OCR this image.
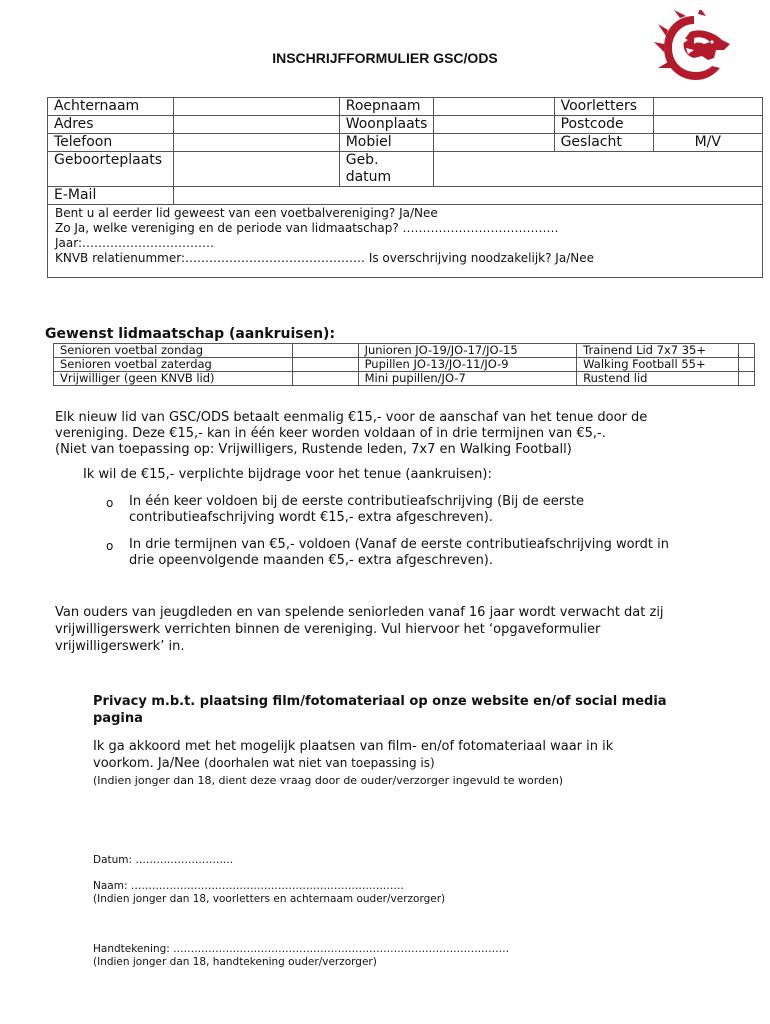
INSCHRIJFFORMULIER GSC/ODS
Achternaam		Roepnaam		Voorletters	
Adres		Woonplaats		Postcode	
Telefoon		Mobiel		Geslacht	M/V
Geboorteplaats		Geb. datum			
E-Mail					
Bent u al eerder lid geweest van een voetbalvereniging? Ja/Nee
Zo Ja, welke vereniging en de periode van lidmaatschap? …………………………………
Jaar:……………………………
KNVB relatienummer:……………………………………… Is overschrijving noodzakelijk? Ja/Nee
Gewenst lidmaatschap (aankruisen):
Senioren voetbal zondag		Junioren JO-19/JO-17/JO-15	Trainend Lid 7x7 35+	
Senioren voetbal zaterdag		Pupillen JO-13/JO-11/JO-9	Walking Football 55+	
Vrijwilliger (geen KNVB lid)		Mini pupillen/JO-7	Rustend lid	
Elk nieuw lid van GSC/ODS betaalt eenmalig €15,- voor de aanschaf van het tenue door de
vereniging. Deze €15,- kan in één keer worden voldaan of in drie termijnen van €5,-.
(Niet van toepassing op: Vrijwilligers, Rustende leden, 7x7 en Walking Football)
Ik wil de €15,- verplichte bijdrage voor het tenue (aankruisen):
o In één keer voldoen bij de eerste contributieafschrijving (Bij de eerste contributieafschrijving wordt €15,- extra afgeschreven).
o In drie termijnen van €5,- voldoen (Vanaf de eerste contributieafschrijving wordt in drie opeenvolgende maanden €5,- extra afgeschreven).
Van ouders van jeugdleden en van spelende seniorleden vanaf 16 jaar wordt verwacht dat zij vrijwilligerswerk verrichten binnen de vereniging. Vul hiervoor het ‘opgaveformulier vrijwilligerswerk’ in.
Privacy m.b.t. plaatsing film/fotomateriaal op onze website en/of social media pagina
Ik ga akkoord met het mogelijk plaatsen van film- en/of fotomateriaal waar in ik
voorkom. Ja/Nee (doorhalen wat niet van toepassing is)
(Indien jonger dan 18, dient deze vraag door de ouder/verzorger ingevuld te worden)
Datum: ……………………….
Naam: ……………………………………………………………………
(Indien jonger dan 18, voorletters en achternaam ouder/verzorger)
Handtekening: ……………………………………………………………………………………
(Indien jonger dan 18, handtekening ouder/verzorger)
